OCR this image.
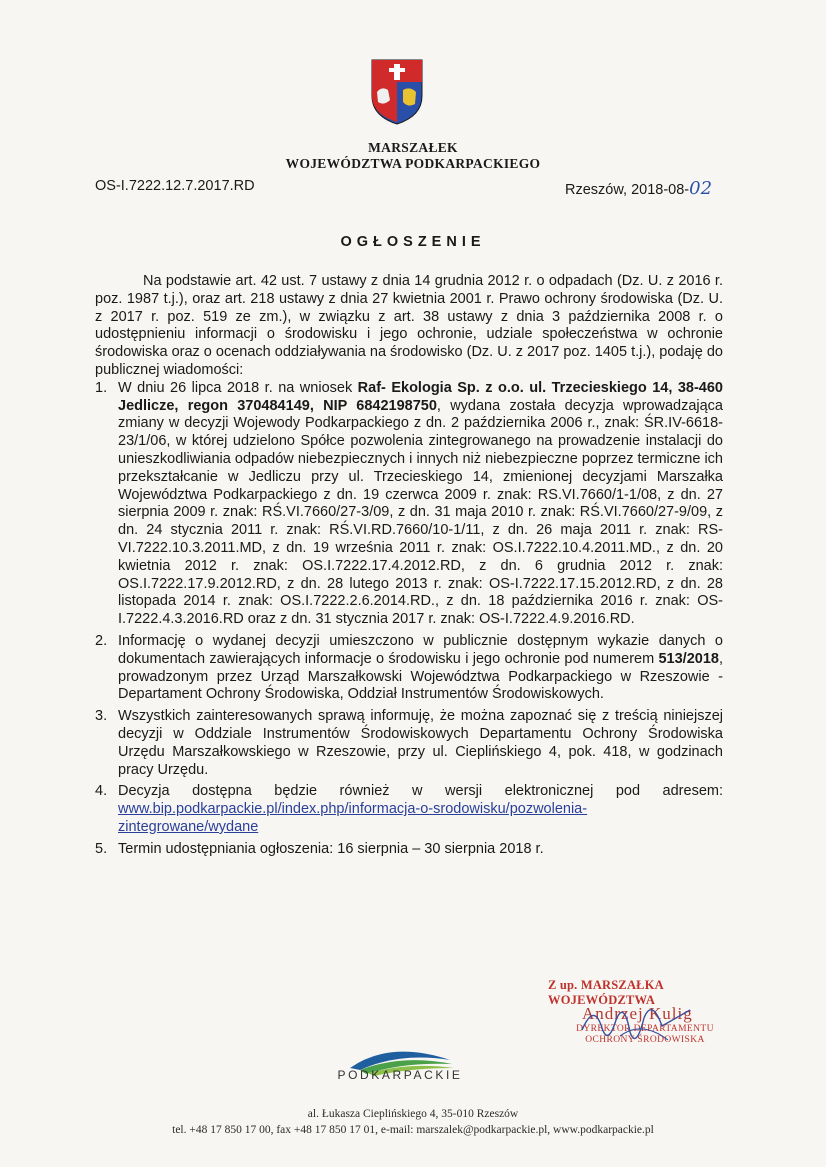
MARSZAŁEK
WOJEWÓDZTWA PODKARPACKIEGO
OS-I.7222.12.7.2017.RD	Rzeszów, 2018-08-02
OGŁOSZENIE

Na podstawie art. 42 ust. 7 ustawy z dnia 14 grudnia 2012 r. o odpadach (Dz. U. z 2016 r. poz. 1987 t.j.), oraz art. 218 ustawy z dnia 27 kwietnia 2001 r. Prawo ochrony środowiska (Dz. U. z 2017 r. poz. 519 ze zm.), w związku z art. 38 ustawy z dnia 3 października 2008 r. o udostępnieniu informacji o środowisku i jego ochronie, udziale społeczeństwa w ochronie środowiska oraz o ocenach oddziaływania na środowisko (Dz. U. z 2017 poz. 1405 t.j.), podaję do publicznej wiadomości:

1. W dniu 26 lipca 2018 r. na wniosek Raf- Ekologia Sp. z o.o. ul. Trzecieskiego 14, 38-460 Jedlicze, regon 370484149, NIP 6842198750, wydana została decyzja wprowadzająca zmiany w decyzji Wojewody Podkarpackiego z dn. 2 października 2006 r., znak: ŚR.IV-6618-23/1/06, w której udzielono Spółce pozwolenia zintegrowanego na prowadzenie instalacji do unieszkodliwiania odpadów niebezpiecznych i innych niż niebezpieczne poprzez termiczne ich przekształcanie w Jedliczu przy ul. Trzecieskiego 14, zmienionej decyzjami Marszałka Województwa Podkarpackiego z dn. 19 czerwca 2009 r. znak: RS.VI.7660/1-1/08, z dn. 27 sierpnia 2009 r. znak: RŚ.VI.7660/27-3/09, z dn. 31 maja 2010 r. znak: RŚ.VI.7660/27-9/09, z dn. 24 stycznia 2011 r. znak: RŚ.VI.RD.7660/10-1/11, z dn. 26 maja 2011 r. znak: RS-VI.7222.10.3.2011.MD, z dn. 19 września 2011 r. znak: OS.I.7222.10.4.2011.MD., z dn. 20 kwietnia 2012 r. znak: OS.I.7222.17.4.2012.RD, z dn. 6 grudnia 2012 r. znak: OS.I.7222.17.9.2012.RD, z dn. 28 lutego 2013 r. znak: OS-I.7222.17.15.2012.RD, z dn. 28 listopada 2014 r. znak: OS.I.7222.2.6.2014.RD., z dn. 18 października 2016 r. znak: OS-I.7222.4.3.2016.RD oraz z dn. 31 stycznia 2017 r. znak: OS-I.7222.4.9.2016.RD.
2. Informację o wydanej decyzji umieszczono w publicznie dostępnym wykazie danych o dokumentach zawierających informacje o środowisku i jego ochronie pod numerem 513/2018, prowadzonym przez Urząd Marszałkowski Województwa Podkarpackiego w Rzeszowie - Departament Ochrony Środowiska, Oddział Instrumentów Środowiskowych.
3. Wszystkich zainteresowanych sprawą informuję, że można zapoznać się z treścią niniejszej decyzji w Oddziale Instrumentów Środowiskowych Departamentu Ochrony Środowiska Urzędu Marszałkowskiego w Rzeszowie, przy ul. Cieplińskiego 4, pok. 418, w godzinach pracy Urzędu.
4. Decyzja dostępna będzie również w wersji elektronicznej pod adresem: www.bip.podkarpackie.pl/index.php/informacja-o-srodowisku/pozwolenia-zintegrowane/wydane
5. Termin udostępniania ogłoszenia: 16 sierpnia – 30 sierpnia 2018 r.
Z up. MARSZAŁKA WOJEWÓDZTWA
Andrzej Kulig
DYREKTOR DEPARTAMENTU
OCHRONY ŚRODOWISKA
PODKARPACKIE
al. Łukasza Cieplińskiego 4, 35-010 Rzeszów
tel. +48 17 850 17 00, fax +48 17 850 17 01, e-mail: marszalek@podkarpackie.pl, www.podkarpackie.pl
